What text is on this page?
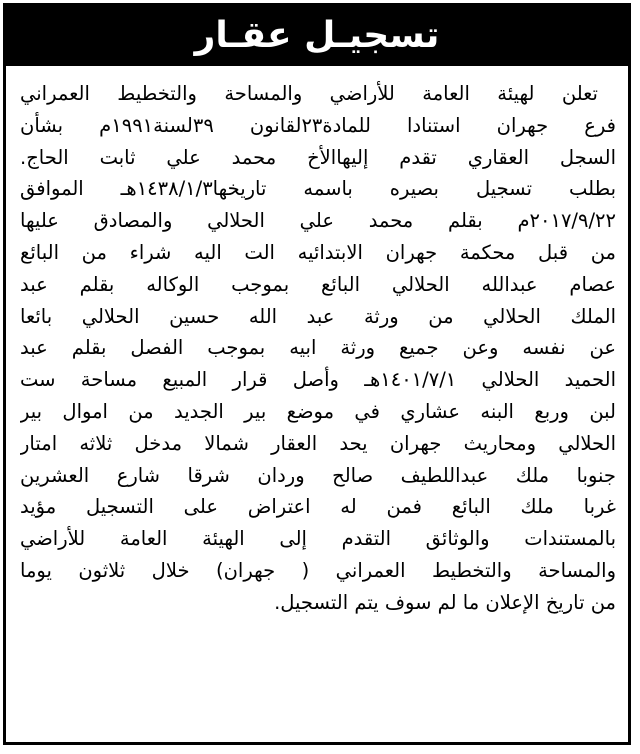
تسجيـل عقـار
تعلن لهيئة العامة للأراضي والمساحة والتخطيط العمراني
فرع جهران استنادا للمادة٢٣لقانون ٣٩لسنة١٩٩١م بشأن
السجل العقاري تقدم إليهاالأخ محمد علي ثابت الحاج.
بطلب تسجيل بصيره باسمه تاريخها١٤٣٨/١/٣هـ الموافق
٢٠١٧/٩/٢٢م بقلم محمد علي الحلالي والمصادق عليها
من قبل محكمة جهران الابتدائيه الت اليه شراء من البائع
عصام عبدالله الحلالي البائع بموجب الوكاله بقلم عبد
الملك الحلالي من ورثة عبد الله حسين الحلالي بائعا
عن نفسه وعن جميع ورثة ابيه بموجب الفصل بقلم عبد
الحميد الحلالي ١٤٠١/٧/١هـ وأصل قرار المبيع مساحة ست
لبن وربع البنه عشاري في موضع بير الجديد من اموال بير
الحلالي ومحاريث جهران يحد العقار شمالا مدخل ثلاثه امتار
جنوبا ملك عبداللطيف صالح وردان شرقا شارع العشرين
غربا ملك البائع فمن له اعتراض على التسجيل مؤيد
بالمستندات والوثائق التقدم إلى الهيئة العامة للأراضي
والمساحة والتخطيط العمراني ( جهران) خلال ثلاثون يوما
من تاريخ الإعلان ما لم سوف يتم التسجيل.
